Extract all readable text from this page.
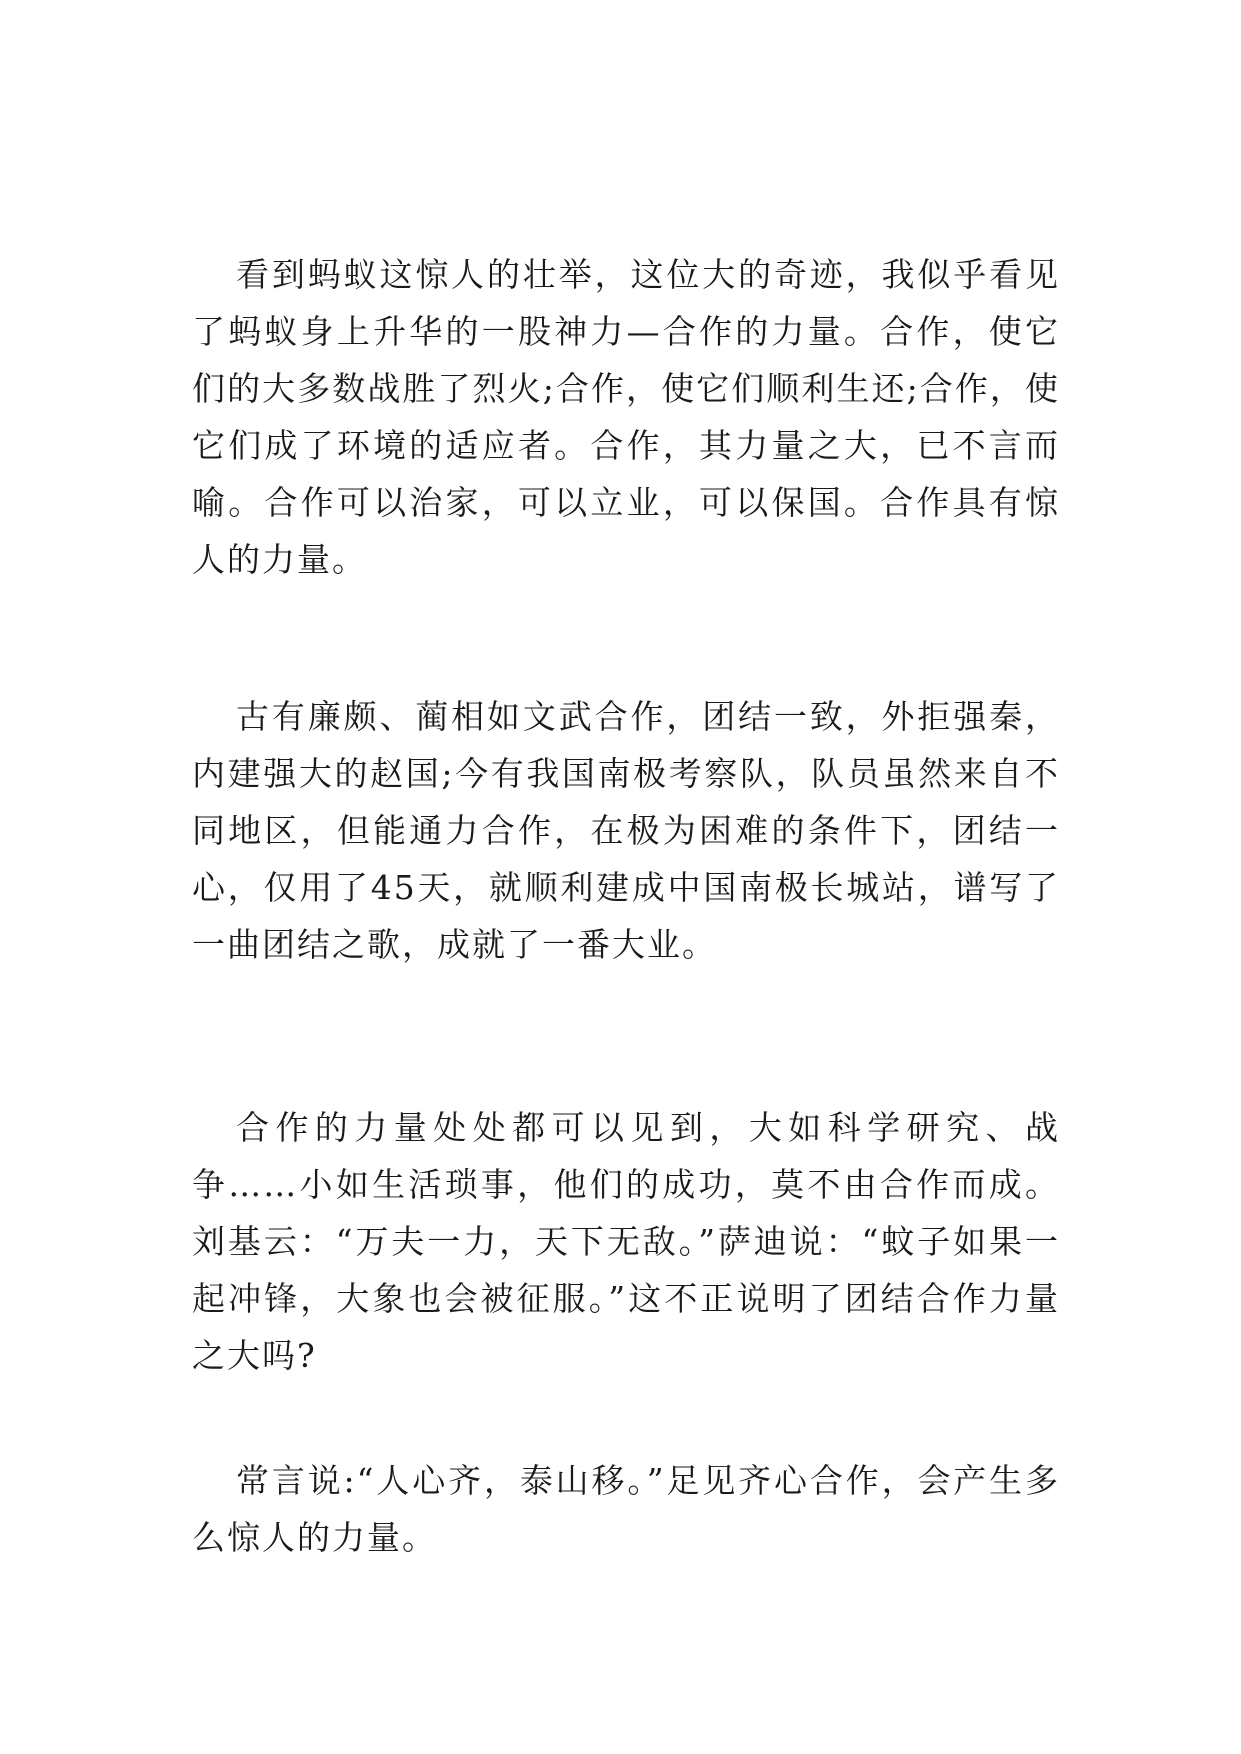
看到蚂蚁这惊人的壮举，这位大的奇迹，我似乎看见了蚂蚁身上升华的一股神力—合作的力量。合作，使它们的大多数战胜了烈火;合作，使它们顺利生还;合作，使它们成了环境的适应者。合作，其力量之大，已不言而喻。合作可以治家，可以立业，可以保国。合作具有惊人的力量。

古有廉颇、蔺相如文武合作，团结一致，外拒强秦，内建强大的赵国;今有我国南极考察队，队员虽然来自不同地区，但能通力合作，在极为困难的条件下，团结一心，仅用了45天，就顺利建成中国南极长城站，谱写了一曲团结之歌，成就了一番大业。

合作的力量处处都可以见到，大如科学研究、战争……小如生活琐事，他们的成功，莫不由合作而成。刘基云：“万夫一力，天下无敌。”萨迪说：“蚊子如果一起冲锋，大象也会被征服。”这不正说明了团结合作力量之大吗?

常言说:“人心齐，泰山移。”足见齐心合作，会产生多么惊人的力量。
